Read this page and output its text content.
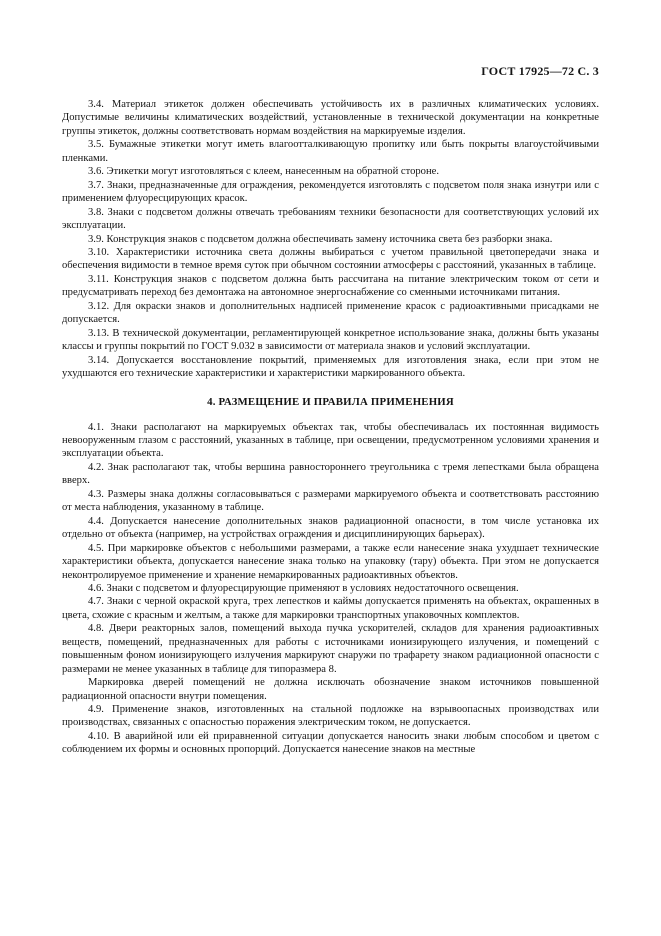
ГОСТ 17925—72 С. 3

3.4. Материал этикеток должен обеспечивать устойчивость их в различных климатических условиях. Допустимые величины климатических воздействий, установленные в технической документации на конкретные группы этикеток, должны соответствовать нормам воздействия на маркируемые изделия.

3.5. Бумажные этикетки могут иметь влагоотталкивающую пропитку или быть покрыты влагоустойчивыми пленками.

3.6. Этикетки могут изготовляться с клеем, нанесенным на обратной стороне.

3.7. Знаки, предназначенные для ограждения, рекомендуется изготовлять с подсветом поля знака изнутри или с применением флуоресцирующих красок.

3.8. Знаки с подсветом должны отвечать требованиям техники безопасности для соответствующих условий их эксплуатации.

3.9. Конструкция знаков с подсветом должна обеспечивать замену источника света без разборки знака.

3.10. Характеристики источника света должны выбираться с учетом правильной цветопередачи знака и обеспечения видимости в темное время суток при обычном состоянии атмосферы с расстояний, указанных в таблице.

3.11. Конструкция знаков с подсветом должна быть рассчитана на питание электрическим током от сети и предусматривать переход без демонтажа на автономное энергоснабжение со сменными источниками питания.

3.12. Для окраски знаков и дополнительных надписей применение красок с радиоактивными присадками не допускается.

3.13. В технической документации, регламентирующей конкретное использование знака, должны быть указаны классы и группы покрытий по ГОСТ 9.032 в зависимости от материала знаков и условий эксплуатации.

3.14. Допускается восстановление покрытий, применяемых для изготовления знака, если при этом не ухудшаются его технические характеристики и характеристики маркированного объекта.

4. РАЗМЕЩЕНИЕ И ПРАВИЛА ПРИМЕНЕНИЯ

4.1. Знаки располагают на маркируемых объектах так, чтобы обеспечивалась их постоянная видимость невооруженным глазом с расстояний, указанных в таблице, при освещении, предусмотренном условиями хранения и эксплуатации объекта.

4.2. Знак располагают так, чтобы вершина равностороннего треугольника с тремя лепестками была обращена вверх.

4.3. Размеры знака должны согласовываться с размерами маркируемого объекта и соответствовать расстоянию от места наблюдения, указанному в таблице.

4.4. Допускается нанесение дополнительных знаков радиационной опасности, в том числе установка их отдельно от объекта (например, на устройствах ограждения и дисциплинирующих барьерах).

4.5. При маркировке объектов с небольшими размерами, а также если нанесение знака ухудшает технические характеристики объекта, допускается нанесение знака только на упаковку (тару) объекта. При этом не допускается неконтролируемое применение и хранение немаркированных радиоактивных объектов.

4.6. Знаки с подсветом и флуоресцирующие применяют в условиях недостаточного освещения.

4.7. Знаки с черной окраской круга, трех лепестков и каймы допускается применять на объектах, окрашенных в цвета, схожие с красным и желтым, а также для маркировки транспортных упаковочных комплектов.

4.8. Двери реакторных залов, помещений выхода пучка ускорителей, складов для хранения радиоактивных веществ, помещений, предназначенных для работы с источниками ионизирующего излучения, и помещений с повышенным фоном ионизирующего излучения маркируют снаружи по трафарету знаком радиационной опасности с размерами не менее указанных в таблице для типоразмера 8.

Маркировка дверей помещений не должна исключать обозначение знаком источников повышенной радиационной опасности внутри помещения.

4.9. Применение знаков, изготовленных на стальной подложке на взрывоопасных производствах или производствах, связанных с опасностью поражения электрическим током, не допускается.

4.10. В аварийной или ей приравненной ситуации допускается наносить знаки любым способом и цветом с соблюдением их формы и основных пропорций. Допускается нанесение знаков на местные
